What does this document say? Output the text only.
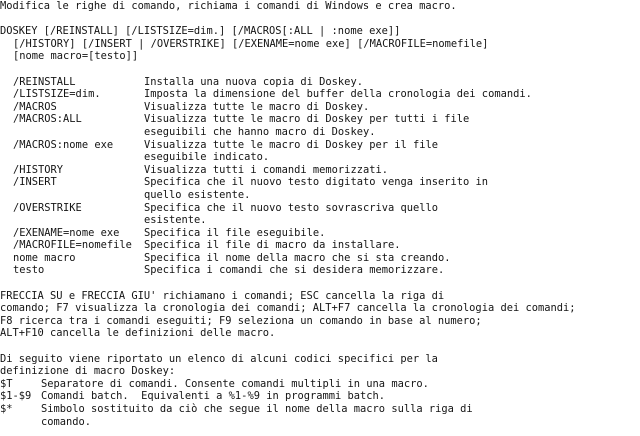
Modifica le righe di comando, richiama i comandi di Windows e crea macro.
DOSKEY [/REINSTALL] [/LISTSIZE=dim.] [/MACROS[:ALL | :nome exe]]
[/HISTORY] [/INSERT | /OVERSTRIKE] [/EXENAME=nome exe] [/MACROFILE=nomefile]
[nome macro=[testo]]
/REINSTALL	Installa una nuova copia di Doskey.
/LISTSIZE=dim.	Imposta la dimensione del buffer della cronologia dei comandi.
/MACROS	Visualizza tutte le macro di Doskey.
/MACROS:ALL	Visualizza tutte le macro di Doskey per tutti i file
eseguibili che hanno macro di Doskey.
/MACROS:nome exe	Visualizza tutte le macro di Doskey per il file
eseguibile indicato.
/HISTORY	Visualizza tutti i comandi memorizzati.
/INSERT	Specifica che il nuovo testo digitato venga inserito in
quello esistente.
/OVERSTRIKE	Specifica che il nuovo testo sovrascriva quello
esistente.
/EXENAME=nome exe Specifica il file eseguibile.
/MACROFILE=nomefile Specifica il file di macro da installare.
nome macro	Specifica il nome della macro che si sta creando.
testo	Specifica i comandi che si desidera memorizzare.
FRECCIA SU e FRECCIA GIU' richiamano i comandi; ESC cancella la riga di
comando; F7 visualizza la cronologia dei comandi; ALT+F7 cancella la cronologia dei comandi;
F8 ricerca tra i comandi eseguiti; F9 seleziona un comando in base al numero;
ALT+F10 cancella le definizioni delle macro.
Di seguito viene riportato un elenco di alcuni codici specifici per la
definizione di macro Doskey:
$T	Separatore di comandi. Consente comandi multipli in una macro.
$1-$9 Comandi batch.  Equivalenti a %1-%9 in programmi batch.
$*	Simbolo sostituito da ciò che segue il nome della macro sulla riga di
comando.
